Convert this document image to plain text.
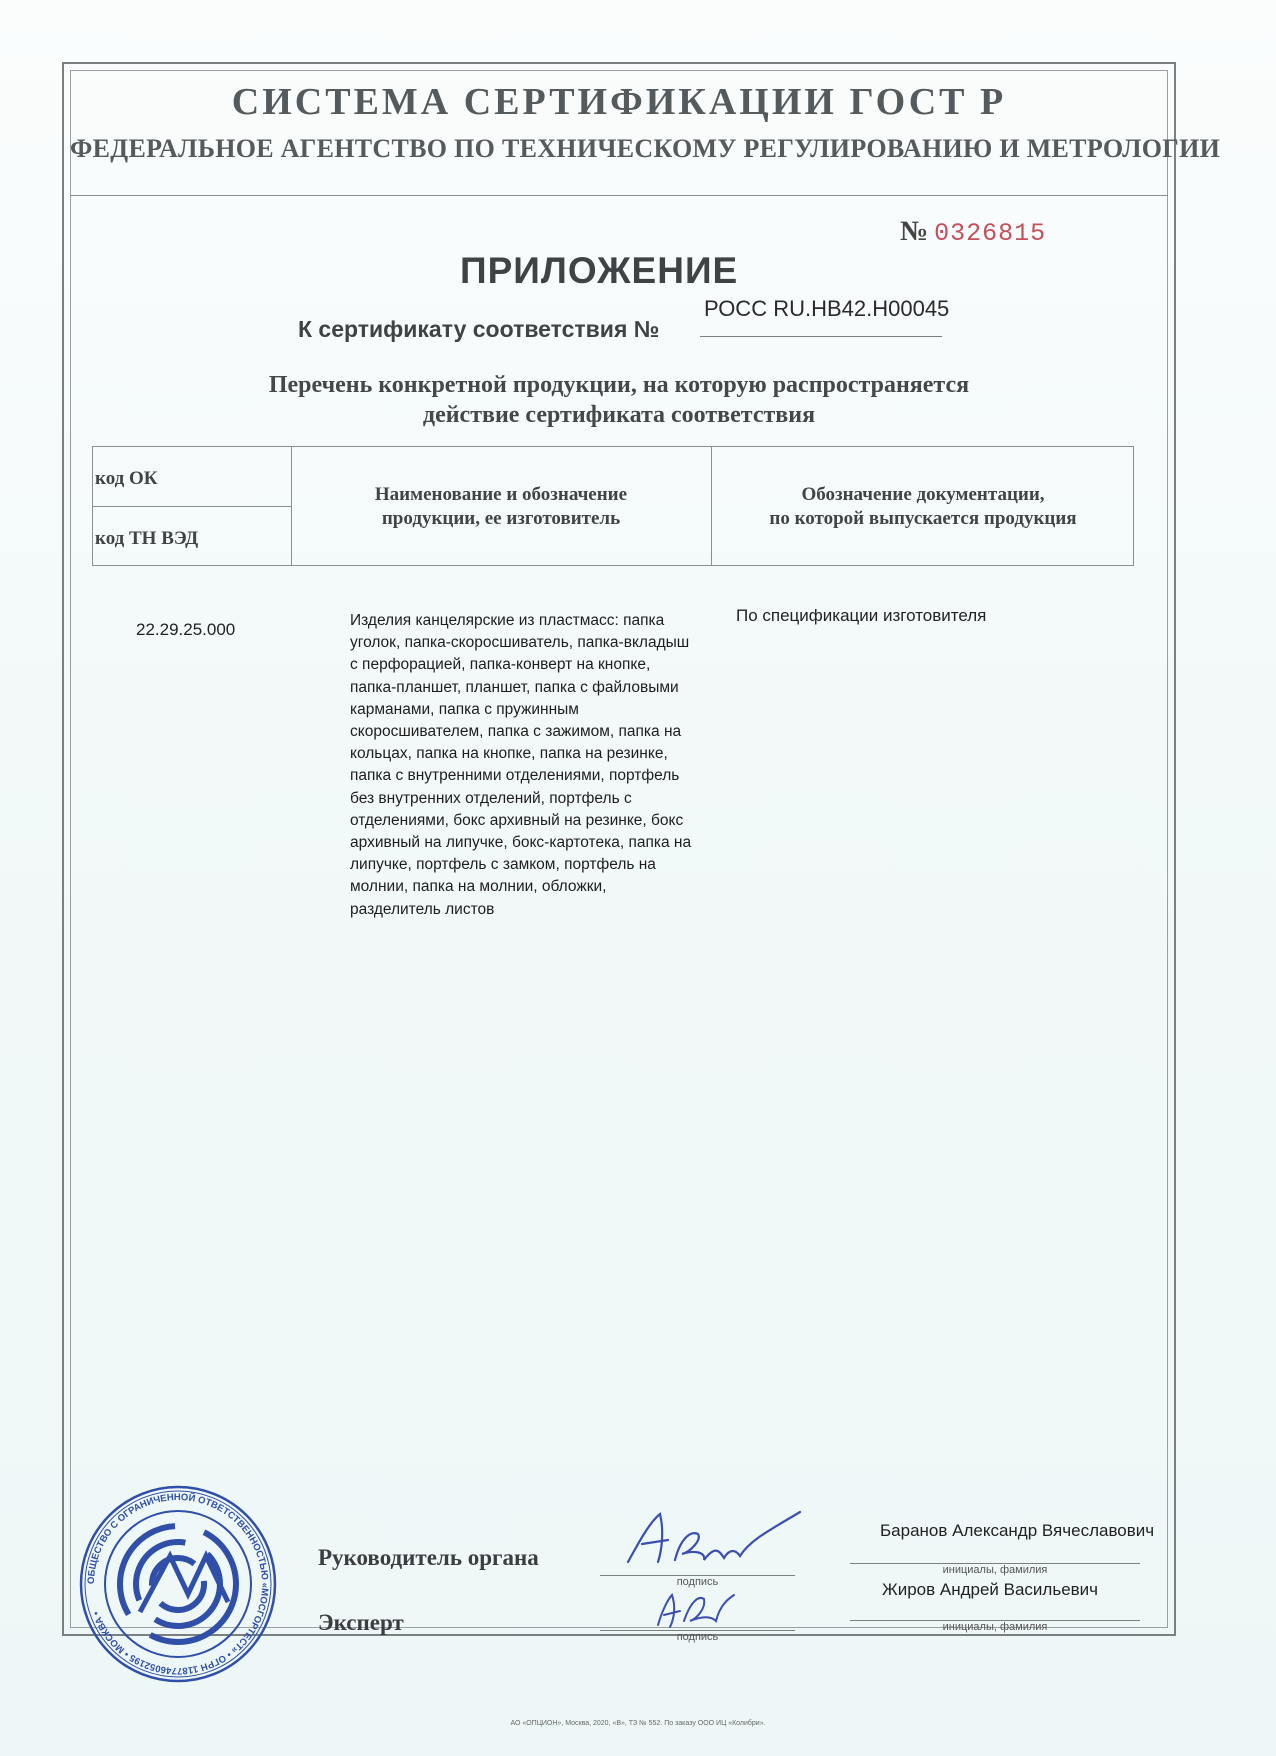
СИСТЕМА СЕРТИФИКАЦИИ ГОСТ Р
ФЕДЕРАЛЬНОЕ АГЕНТСТВО ПО ТЕХНИЧЕСКОМУ РЕГУЛИРОВАНИЮ И МЕТРОЛОГИИ
№ 0326815
ПРИЛОЖЕНИЕ
К сертификату соответствия №
РОСС RU.НВ42.Н00045
Перечень конкретной продукции, на которую распространяется
действие сертификата соответствия
код ОК
код ТН ВЭД
Наименование и обозначение
продукции, ее изготовитель
Обозначение документации,
по которой выпускается продукция
22.29.25.000	Изделия канцелярские из пластмасс: папка
уголок, папка-скоросшиватель, папка-вкладыш
с перфорацией, папка-конверт на кнопке,
папка-планшет, планшет, папка с файловыми
карманами, папка с пружинным
скоросшивателем, папка с зажимом, папка на
кольцах, папка на кнопке, папка на резинке,
папка с внутренними отделениями, портфель
без внутренних отделений, портфель с
отделениями, бокс архивный на резинке, бокс
архивный на липучке, бокс-картотека, папка на
липучке, портфель с замком, портфель на
молнии, папка на молнии, обложки,
разделитель листов
По спецификации изготовителя
ОБЩЕСТВО С ОГРАНИЧЕННОЙ ОТВЕТСТВЕННОСТЬЮ «МОСГОРТЕСТ» • ОГРН 1187746052195 • МОСКВА •
Руководитель органа
Эксперт
подпись
подпись
Баранов Александр Вячеславович
инициалы, фамилия
Жиров Андрей Васильевич
инициалы, фамилия
АО «ОПЦИОН», Москва, 2020, «В», ТЗ № 552. По заказу ООО ИЦ «Колибри».
